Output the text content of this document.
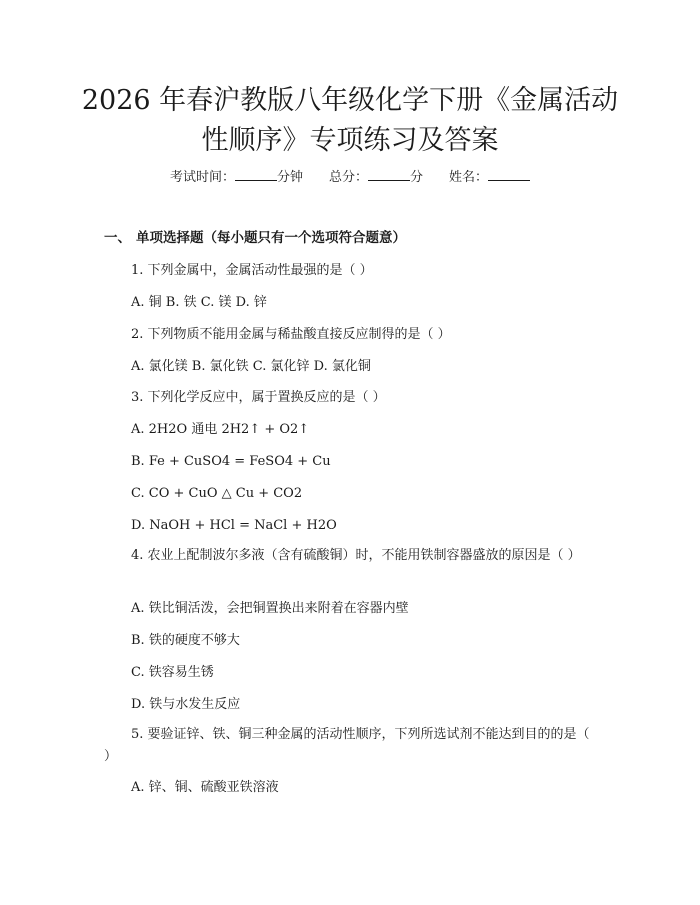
2026 年春沪教版八年级化学下册《金属活动
性顺序》专项练习及答案
考试时间：	分钟 总分：	分 姓名：
一、 单项选择题（每小题只有一个选项符合题意）
1. 下列金属中，金属活动性最强的是（ ）
A. 铜 B. 铁 C. 镁 D. 锌
2. 下列物质不能用金属与稀盐酸直接反应制得的是（ ）
A. 氯化镁 B. 氯化铁 C. 氯化锌 D. 氯化铜
3. 下列化学反应中，属于置换反应的是（ ）
A. 2H2O 通电 2H2↑ + O2↑
B. Fe + CuSO4 = FeSO4 + Cu
C. CO + CuO △ Cu + CO2
D. NaOH + HCl = NaCl + H2O
4. 农业上配制波尔多液（含有硫酸铜）时，不能用铁制容器盛放的原因是（ ）
A. 铁比铜活泼，会把铜置换出来附着在容器内壁
B. 铁的硬度不够大
C. 铁容易生锈
D. 铁与水发生反应
5. 要验证锌、铁、铜三种金属的活动性顺序，下列所选试剂不能达到目的的是（ ）
A. 锌、铜、硫酸亚铁溶液
